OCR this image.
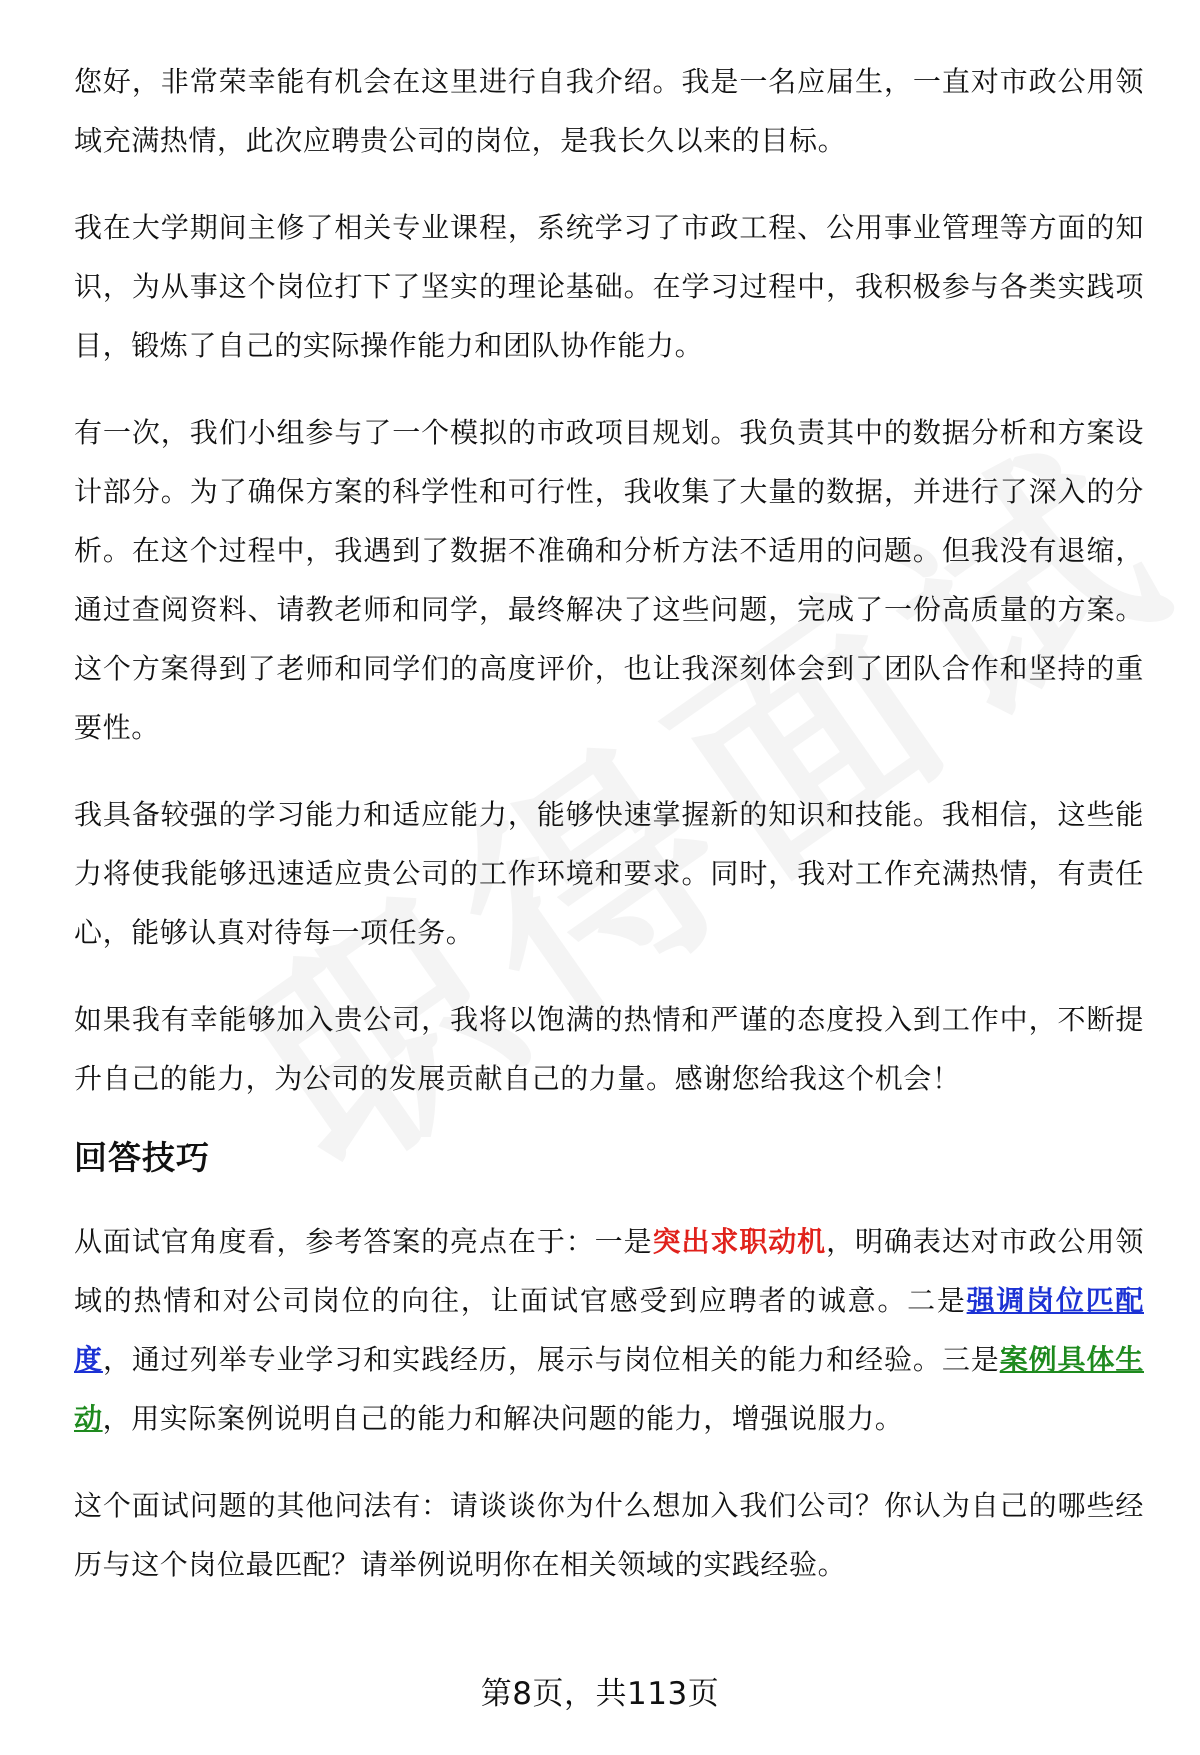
您好，非常荣幸能有机会在这里进行自我介绍。我是一名应届生，一直对市政公用领域充满热情，此次应聘贵公司的岗位，是我长久以来的目标。

我在大学期间主修了相关专业课程，系统学习了市政工程、公用事业管理等方面的知识，为从事这个岗位打下了坚实的理论基础。在学习过程中，我积极参与各类实践项目，锻炼了自己的实际操作能力和团队协作能力。

有一次，我们小组参与了一个模拟的市政项目规划。我负责其中的数据分析和方案设计部分。为了确保方案的科学性和可行性，我收集了大量的数据，并进行了深入的分析。在这个过程中，我遇到了数据不准确和分析方法不适用的问题。但我没有退缩，通过查阅资料、请教老师和同学，最终解决了这些问题，完成了一份高质量的方案。这个方案得到了老师和同学们的高度评价，也让我深刻体会到了团队合作和坚持的重要性。

我具备较强的学习能力和适应能力，能够快速掌握新的知识和技能。我相信，这些能力将使我能够迅速适应贵公司的工作环境和要求。同时，我对工作充满热情，有责任心，能够认真对待每一项任务。

如果我有幸能够加入贵公司，我将以饱满的热情和严谨的态度投入到工作中，不断提升自己的能力，为公司的发展贡献自己的力量。感谢您给我这个机会！

回答技巧

从面试官角度看，参考答案的亮点在于：一是突出求职动机，明确表达对市政公用领域的热情和对公司岗位的向往，让面试官感受到应聘者的诚意。二是强调岗位匹配度，通过列举专业学习和实践经历，展示与岗位相关的能力和经验。三是案例具体生动，用实际案例说明自己的能力和解决问题的能力，增强说服力。

这个面试问题的其他问法有：请谈谈你为什么想加入我们公司？你认为自己的哪些经历与这个岗位最匹配？请举例说明你在相关领域的实践经验。

第8页，共113页
